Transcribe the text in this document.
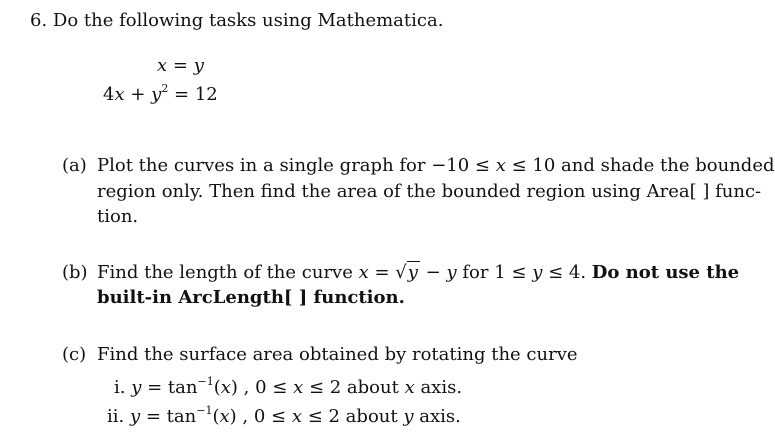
6. Do the following tasks using Mathematica.
x = y
$4x + y^2 = 12$
(a) Plot the curves in a single graph for −10 ≤ x ≤ 10 and shade the bounded
region only. Then find the area of the bounded region using Area[ ] func-
tion.
(b) Find the length of the curve x = √y − y for 1 ≤ y ≤ 4. Do not use the
built-in ArcLength[ ] function.
(c) Find the surface area obtained by rotating the curve
i. $y = \tan^{-1}(x)$ , 0 ≤ x ≤ 2 about x axis.
ii. $y = \tan^{-1}(x)$ , 0 ≤ x ≤ 2 about y axis.
